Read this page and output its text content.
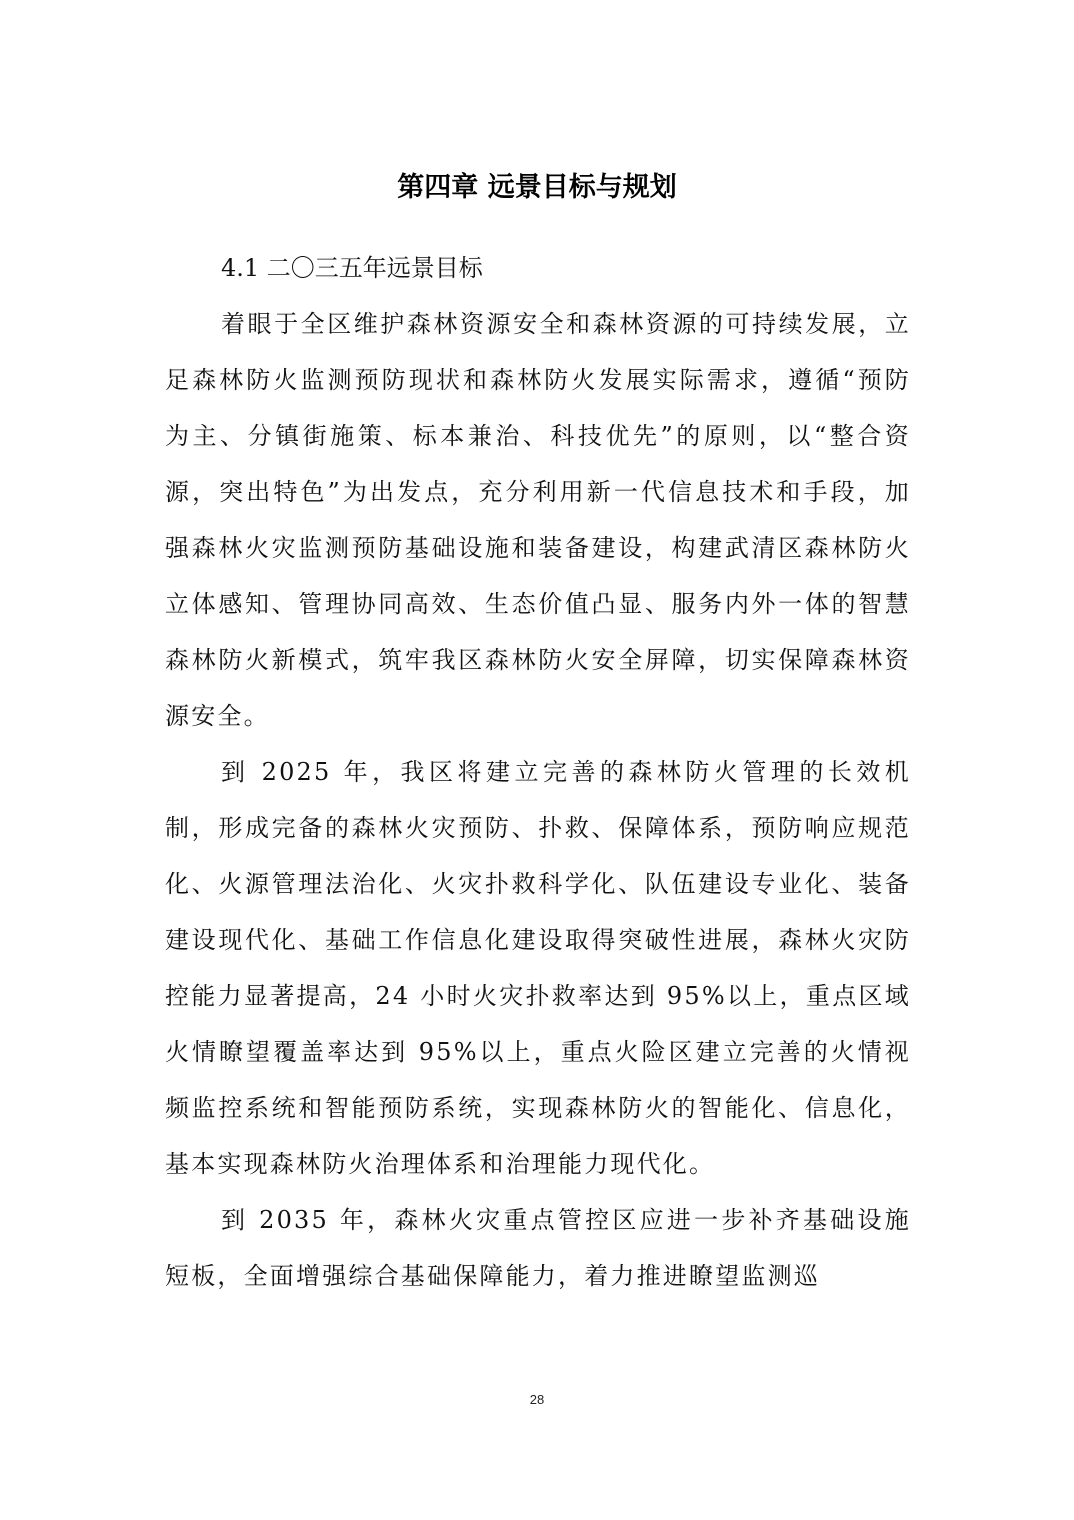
第四章 远景目标与规划
4.1 二〇三五年远景目标

着眼于全区维护森林资源安全和森林资源的可持续发展，立足森林防火监测预防现状和森林防火发展实际需求，遵循“预防为主、分镇街施策、标本兼治、科技优先”的原则，以“整合资源，突出特色”为出发点，充分利用新一代信息技术和手段，加强森林火灾监测预防基础设施和装备建设，构建武清区森林防火立体感知、管理协同高效、生态价值凸显、服务内外一体的智慧森林防火新模式，筑牢我区森林防火安全屏障，切实保障森林资源安全。

到 2025 年，我区将建立完善的森林防火管理的长效机制，形成完备的森林火灾预防、扑救、保障体系，预防响应规范化、火源管理法治化、火灾扑救科学化、队伍建设专业化、装备建设现代化、基础工作信息化建设取得突破性进展，森林火灾防控能力显著提高，24 小时火灾扑救率达到 95%以上，重点区域火情瞭望覆盖率达到 95%以上，重点火险区建立完善的火情视频监控系统和智能预防系统，实现森林防火的智能化、信息化，基本实现森林防火治理体系和治理能力现代化。

到 2035 年，森林火灾重点管控区应进一步补齐基础设施短板，全面增强综合基础保障能力，着力推进瞭望监测巡

28
